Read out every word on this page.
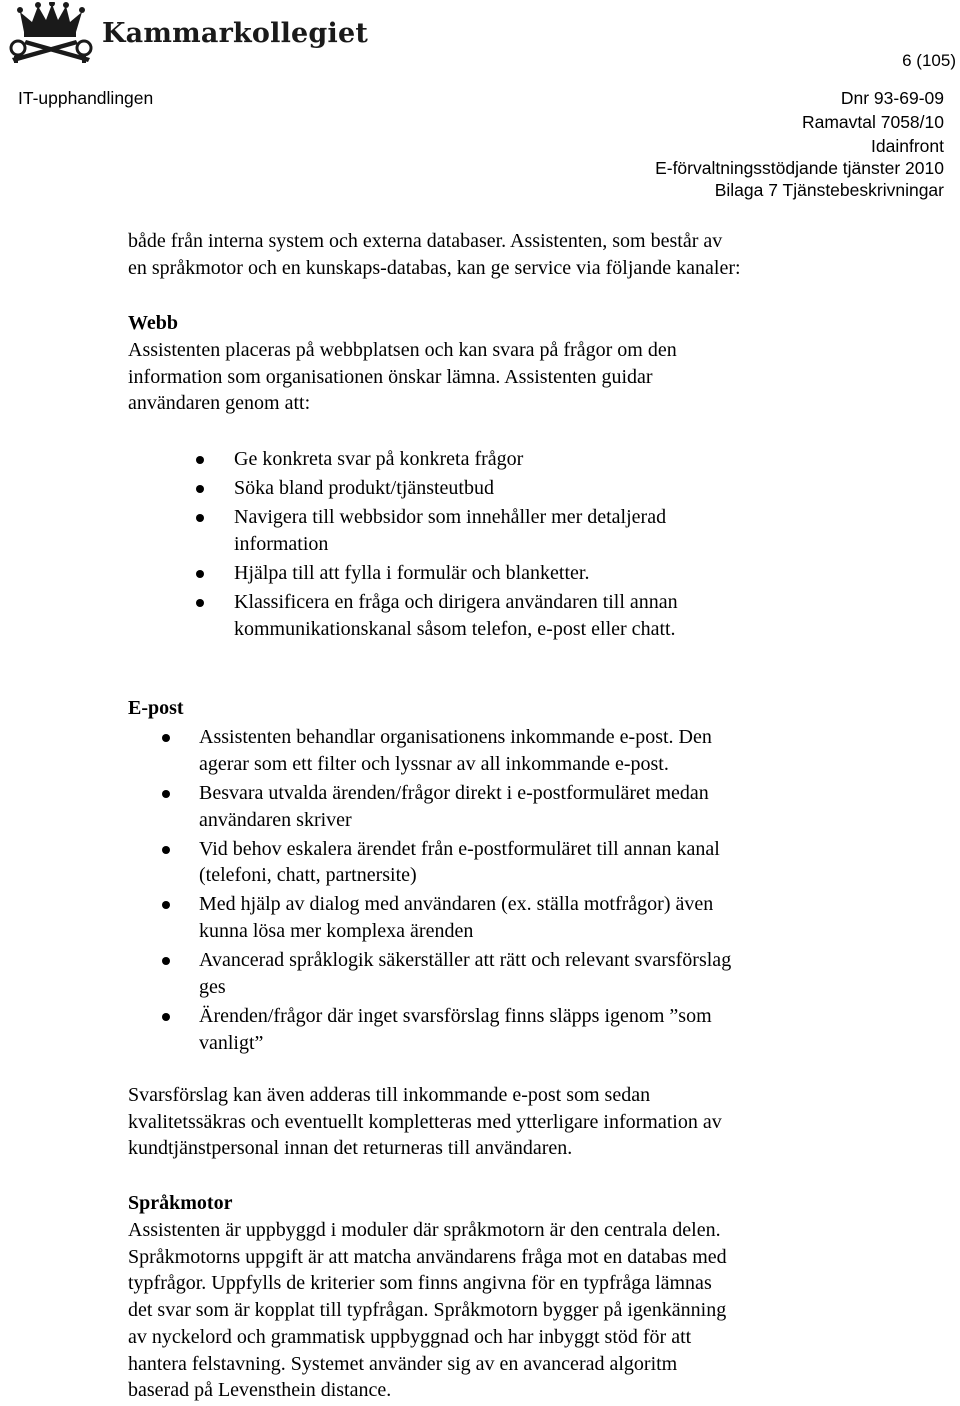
Kammarkollegiet
6 (105)
IT-upphandlingen	Dnr 93-69-09
Ramavtal 7058/10
Idainfront
E-förvaltningsstödjande tjänster 2010
Bilaga 7 Tjänstebeskrivningar
både från interna system och externa databaser. Assistenten, som består av
en språkmotor och en kunskaps-databas, kan ge service via följande kanaler:
Webb
Assistenten placeras på webbplatsen och kan svara på frågor om den
information som organisationen önskar lämna. Assistenten guidar
användaren genom att:
Ge konkreta svar på konkreta frågor
Söka bland produkt/tjänsteutbud
Navigera till webbsidor som innehåller mer detaljerad
information
Hjälpa till att fylla i formulär och blanketter.
Klassificera en fråga och dirigera användaren till annan
kommunikationskanal såsom telefon, e-post eller chatt.
E-post
Assistenten behandlar organisationens inkommande e-post. Den
agerar som ett filter och lyssnar av all inkommande e-post.
Besvara utvalda ärenden/frågor direkt i e-postformuläret medan
användaren skriver
Vid behov eskalera ärendet från e-postformuläret till annan kanal
(telefoni, chatt, partnersite)
Med hjälp av dialog med användaren (ex. ställa motfrågor) även
kunna lösa mer komplexa ärenden
Avancerad språklogik säkerställer att rätt och relevant svarsförslag
ges
Ärenden/frågor där inget svarsförslag finns släpps igenom ”som
vanligt”
Svarsförslag kan även adderas till inkommande e-post som sedan
kvalitetssäkras och eventuellt kompletteras med ytterligare information av
kundtjänstpersonal innan det returneras till användaren.
Språkmotor
Assistenten är uppbyggd i moduler där språkmotorn är den centrala delen.
Språkmotorns uppgift är att matcha användarens fråga mot en databas med
typfrågor. Uppfylls de kriterier som finns angivna för en typfråga lämnas
det svar som är kopplat till typfrågan. Språkmotorn bygger på igenkänning
av nyckelord och grammatisk uppbyggnad och har inbyggt stöd för att
hantera felstavning. Systemet använder sig av en avancerad algoritm
baserad på Levensthein distance.
